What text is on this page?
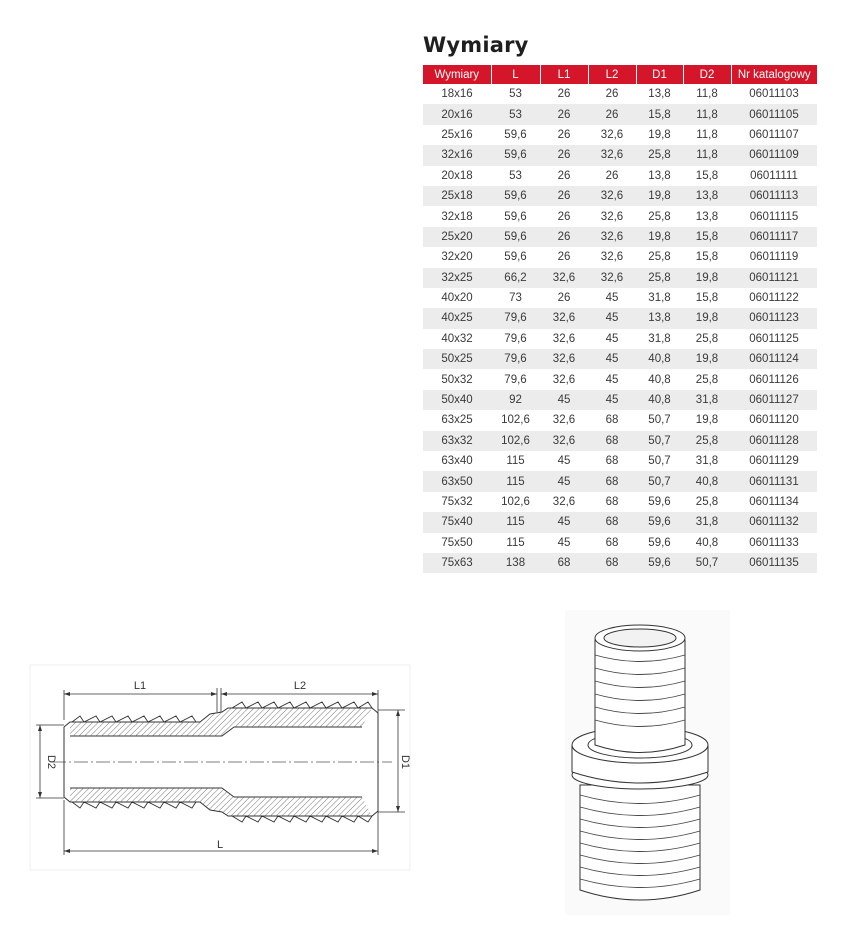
Wymiary
Wymiary	L	L1	L2	D1	D2	Nr katalogowy
18x16	53	26	26	13,8	11,8	06011103
20x16	53	26	26	15,8	11,8	06011105
25x16	59,6	26	32,6	19,8	11,8	06011107
32x16	59,6	26	32,6	25,8	11,8	06011109
20x18	53	26	26	13,8	15,8	06011111
25x18	59,6	26	32,6	19,8	13,8	06011113
32x18	59,6	26	32,6	25,8	13,8	06011115
25x20	59,6	26	32,6	19,8	15,8	06011117
32x20	59,6	26	32,6	25,8	15,8	06011119
32x25	66,2	32,6	32,6	25,8	19,8	06011121
40x20	73	26	45	31,8	15,8	06011122
40x25	79,6	32,6	45	13,8	19,8	06011123
40x32	79,6	32,6	45	31,8	25,8	06011125
50x25	79,6	32,6	45	40,8	19,8	06011124
50x32	79,6	32,6	45	40,8	25,8	06011126
50x40	92	45	45	40,8	31,8	06011127
63x25	102,6	32,6	68	50,7	19,8	06011120
63x32	102,6	32,6	68	50,7	25,8	06011128
63x40	115	45	68	50,7	31,8	06011129
63x50	115	45	68	50,7	40,8	06011131
75x32	102,6	32,6	68	59,6	25,8	06011134
75x40	115	45	68	59,6	31,8	06011132
75x50	115	45	68	59,6	40,8	06011133
75x63	138	68	68	59,6	50,7	06011135
L1	L2
L
D2	D1
